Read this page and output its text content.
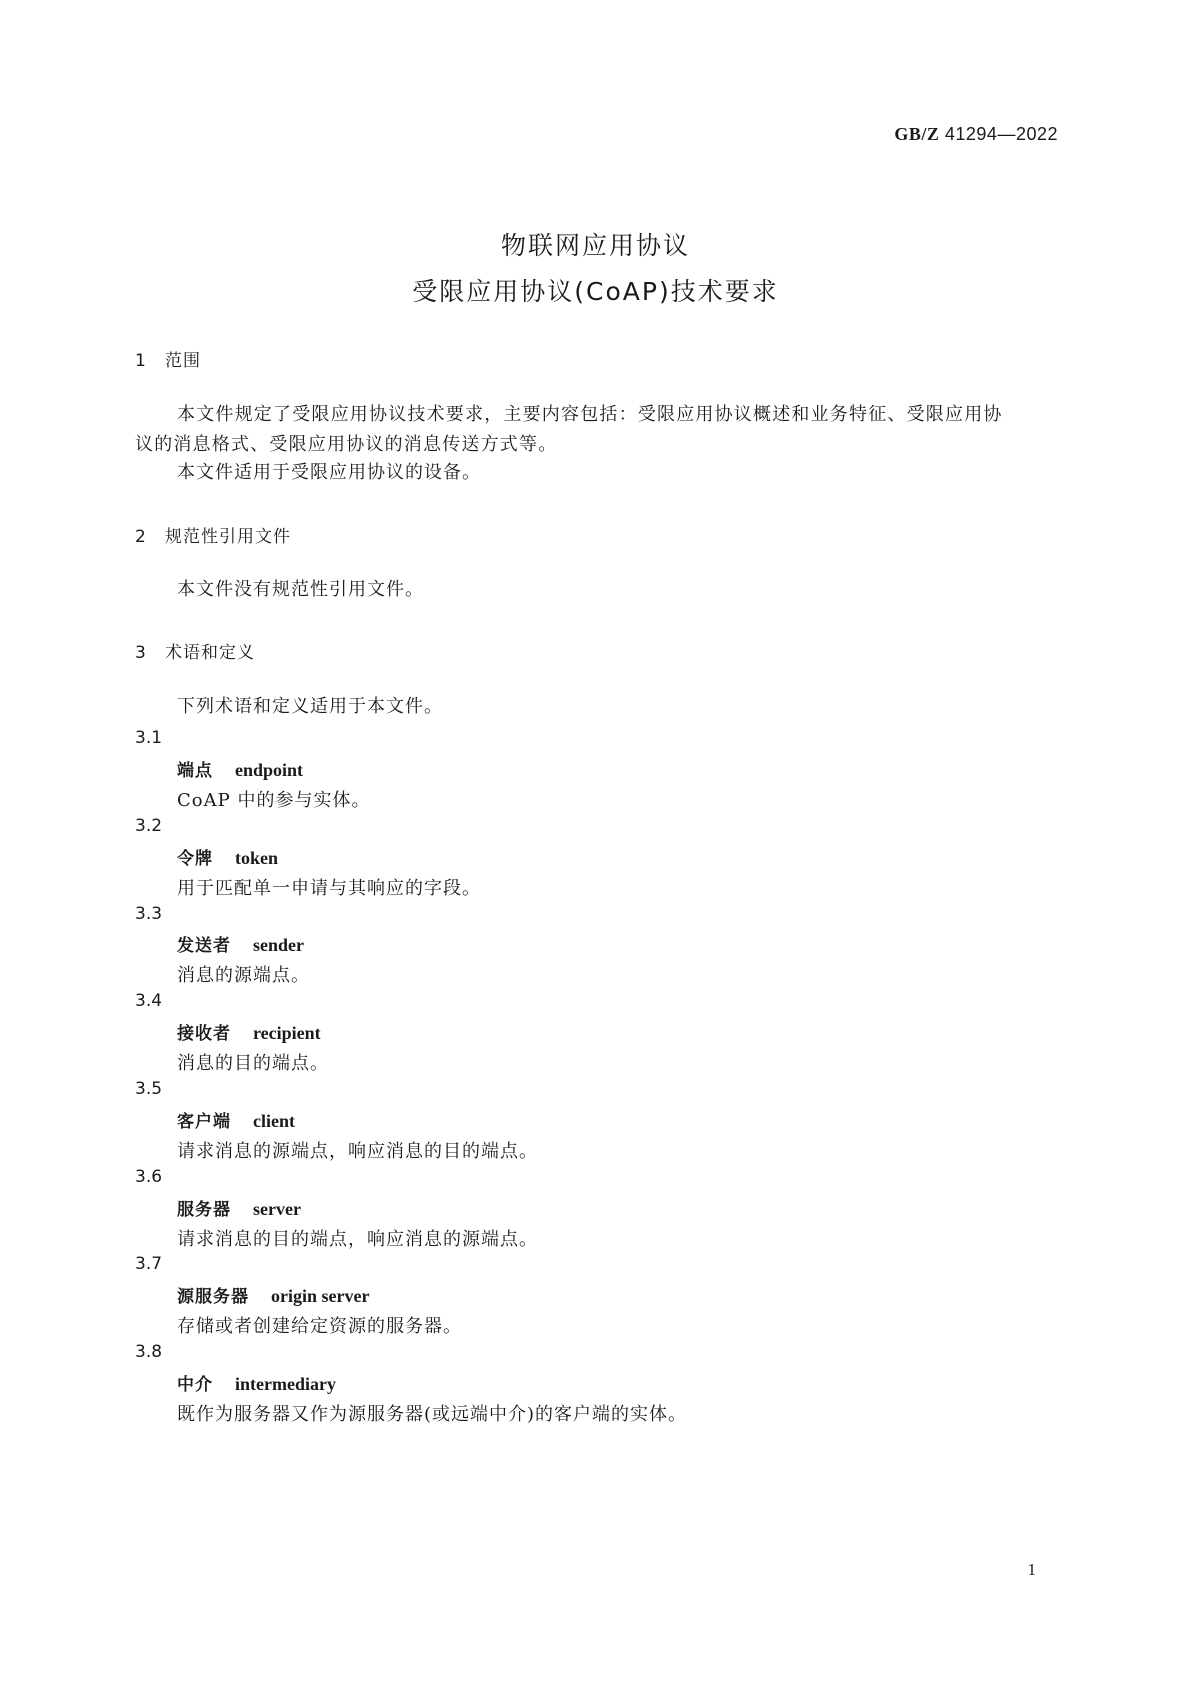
GB/Z 41294—2022
物联网应用协议
受限应用协议(CoAP)技术要求
1 范围
本文件规定了受限应用协议技术要求，主要内容包括：受限应用协议概述和业务特征、受限应用协
议的消息格式、受限应用协议的消息传送方式等。
本文件适用于受限应用协议的设备。
2 规范性引用文件
本文件没有规范性引用文件。
3 术语和定义
下列术语和定义适用于本文件。
3.1
端点 endpoint
CoAP 中的参与实体。
3.2
令牌 token
用于匹配单一申请与其响应的字段。
3.3
发送者 sender
消息的源端点。
3.4
接收者 recipient
消息的目的端点。
3.5
客户端 client
请求消息的源端点，响应消息的目的端点。
3.6
服务器 server
请求消息的目的端点，响应消息的源端点。
3.7
源服务器 origin server
存储或者创建给定资源的服务器。
3.8
中介 intermediary
既作为服务器又作为源服务器(或远端中介)的客户端的实体。
1
